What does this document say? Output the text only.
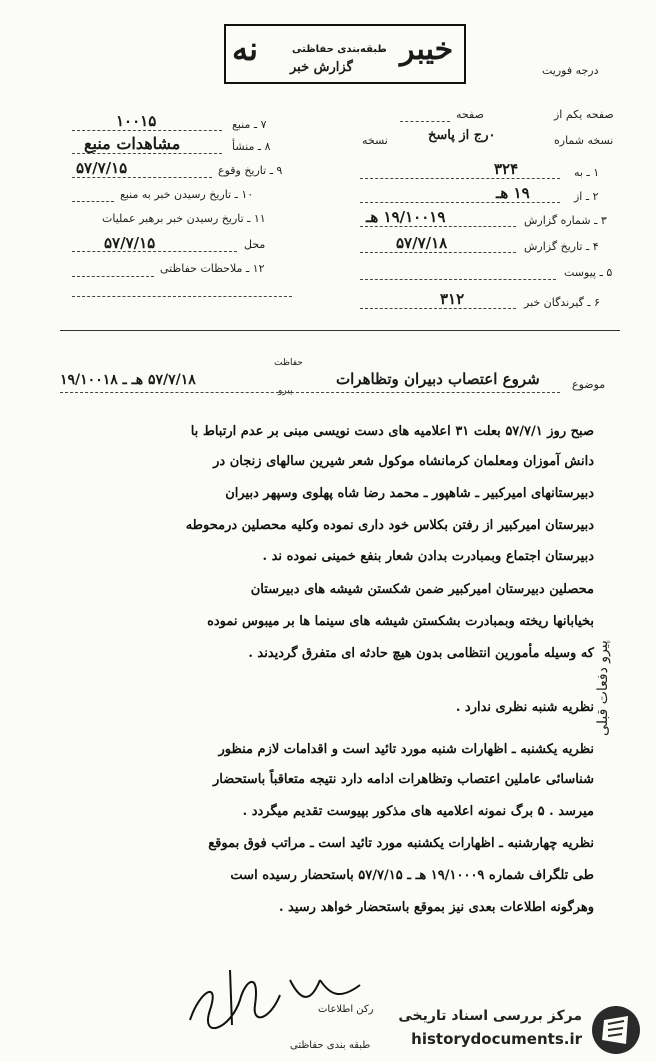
خیبر
نه	طبقه‌بندی حفاظتی
گزارش خبر	درجه فوریت
۷ ـ منبع
۱۰۰۱۵
۸ ـ منشأ
مشاهدات منبع
۹ ـ تاریخ وقوع
۵۷/۷/۱۵
۱۰ ـ تاریخ رسیدن خبر به منبع
۱۱ ـ تاریخ رسیدن خبر برهبر عملیات
محل
۵۷/۷/۱۵
۱۲ ـ ملاحظات حفاظتی
صفحه یکم از
صفحه
نسخه شماره
۰رج از پاسخ
نسخه
۱ ـ به
۳۲۴
۲ ـ از
۱۹ هـ
۳ ـ شماره گزارش
۱۹/۱۰۰۱۹ هـ
۴ ـ تاریخ گزارش
۵۷/۷/۱۸
۵ ـ پیوست
۶ ـ گیرندگان خبر
۳۱۲
موضوع
شروع اعتصاب دبیران وتظاهرات
۵۷/۷/۱۸ هـ ـ ۱۹/۱۰۰۱۸
حفاظت
پیرو
صبح روز ۵۷/۷/۱ بعلت ۳۱ اعلامیه های دست نویسی مبنی بر عدم ارتباط با
دانش آموزان ومعلمان کرمانشاه موکول شعر شیرین سالهای زنجان در
دبیرستانهای امیرکبیر ـ شاهپور ـ محمد رضا شاه پهلوی وسپهر دبیران
دبیرستان امیرکبیر از رفتن بکلاس خود داری نموده وکلیه محصلین درمحوطه
دبیرستان اجتماع وبمبادرت بدادن شعار بنفع خمینی نموده ند .
محصلین دبیرستان امیرکبیر ضمن شکستن شیشه های دبیرستان
بخیابانها ریخته وبمبادرت بشکستن شیشه های سینما ها بر میبوس نموده
که وسیله مأمورین انتظامی بدون هیچ حادثه ای متفرق گردیدند .
نظریه شنبه نظری ندارد .
نظریه یکشنبه ـ اظهارات شنبه مورد تائید است و اقدامات لازم منظور
شناسائی عاملین اعتصاب وتظاهرات ادامه دارد نتیجه متعاقباً باستحضار
میرسد . ۵ برگ نمونه اعلامیه های مذکور بپیوست تقدیم میگردد .
نظریه چهارشنبه ـ اظهارات یکشنبه مورد تائید است ـ مراتب فوق بموقع
طی تلگراف شماره ۱۹/۱۰۰۰۹ هـ ـ ۵۷/۷/۱۵ باستحضار رسیده است
وهرگونه اطلاعات بعدی نیز بموقع باستحضار خواهد رسید .
پیرو دفعات قبلی
رکن اطلاعات
طبقه بندی حفاظتی
مرکز بررسی اسناد تاریخی
historydocuments.ir
